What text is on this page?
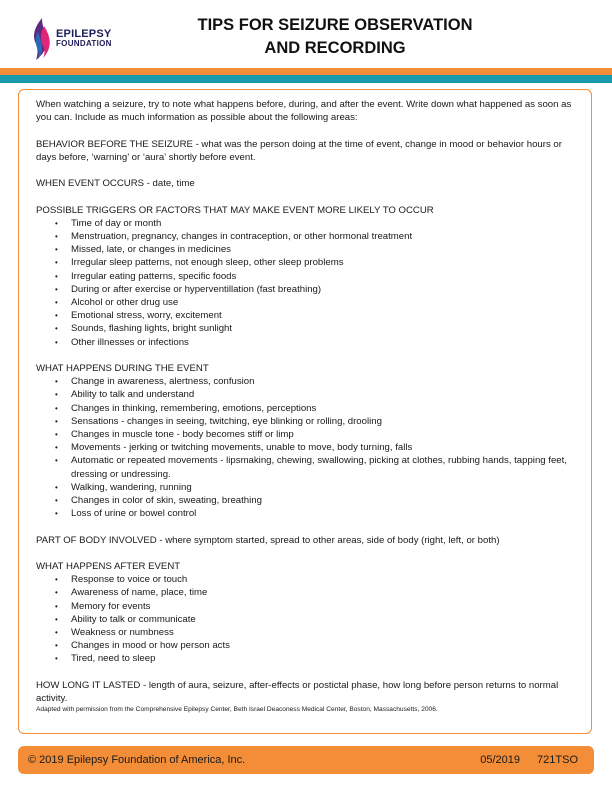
EPILEPSY
FOUNDATION
TIPS FOR SEIZURE OBSERVATION
AND RECORDING

When watching a seizure, try to note what happens before, during, and after the event. Write down what happened as soon as you can. Include as much information as possible about the following areas:

BEHAVIOR BEFORE THE SEIZURE - what was the person doing at the time of event, change in mood or behavior hours or days before, ‘warning’ or ‘aura’ shortly before event.

WHEN EVENT OCCURS - date, time

POSSIBLE TRIGGERS OR FACTORS THAT MAY MAKE EVENT MORE LIKELY TO OCCUR

• Time of day or month
• Menstruation, pregnancy, changes in contraception, or other hormonal treatment
• Missed, late, or changes in medicines
• Irregular sleep patterns, not enough sleep, other sleep problems
• Irregular eating patterns, specific foods
• During or after exercise or hyperventillation (fast breathing)
• Alcohol or other drug use
• Emotional stress, worry, excitement
• Sounds, flashing lights, bright sunlight
• Other illnesses or infections

WHAT HAPPENS DURING THE EVENT

• Change in awareness, alertness, confusion
• Ability to talk and understand
• Changes in thinking, remembering, emotions, perceptions
• Sensations - changes in seeing, twitching, eye blinking or rolling, drooling
• Changes in muscle tone - body becomes stiff or limp
• Movements - jerking or twitching movements, unable to move, body turning, falls
• Automatic or repeated movements - lipsmaking, chewing, swallowing, picking at clothes, rubbing hands, tapping feet, dressing or undressing.
• Walking, wandering, running
• Changes in color of skin, sweating, breathing
• Loss of urine or bowel control

PART OF BODY INVOLVED - where symptom started, spread to other areas, side of body (right, left, or both)

WHAT HAPPENS AFTER EVENT

• Response to voice or touch
• Awareness of name, place, time
• Memory for events
• Ability to talk or communicate
• Weakness or numbness
• Changes in mood or how person acts
• Tired, need to sleep

HOW LONG IT LASTED - length of aura, seizure, after-effects or postictal phase, how long before person returns to normal activity.

Adapted with permission from the Comprehensive Epilepsy Center, Beth Israel Deaconess Medical Center, Boston, Massachusetts, 2006.

© 2019 Epilepsy Foundation of America, Inc.	05/2019 721TSO
